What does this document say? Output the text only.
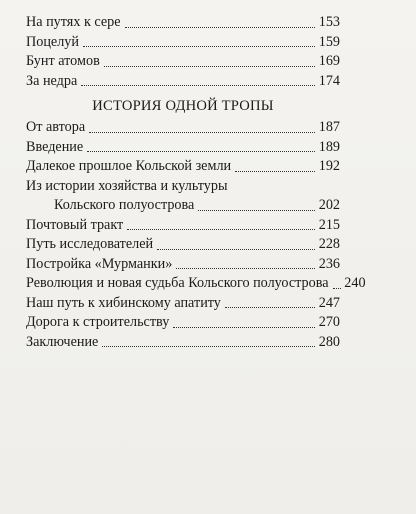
На путях к сере	153
Поцелуй	159
Бунт атомов	169
За недра	174
ИСТОРИЯ ОДНОЙ ТРОПЫ
От автора	187
Введение	189
Далекое прошлое Кольской земли	192
Из истории хозяйства и культуры
Кольского полуострова	202
Почтовый тракт	215
Путь исследователей	228
Постройка «Мурманки»	236
Революция и новая судьба Кольского полуострова 240
Наш путь к хибинскому апатиту	247
Дорога к строительству	270
Заключение	280
